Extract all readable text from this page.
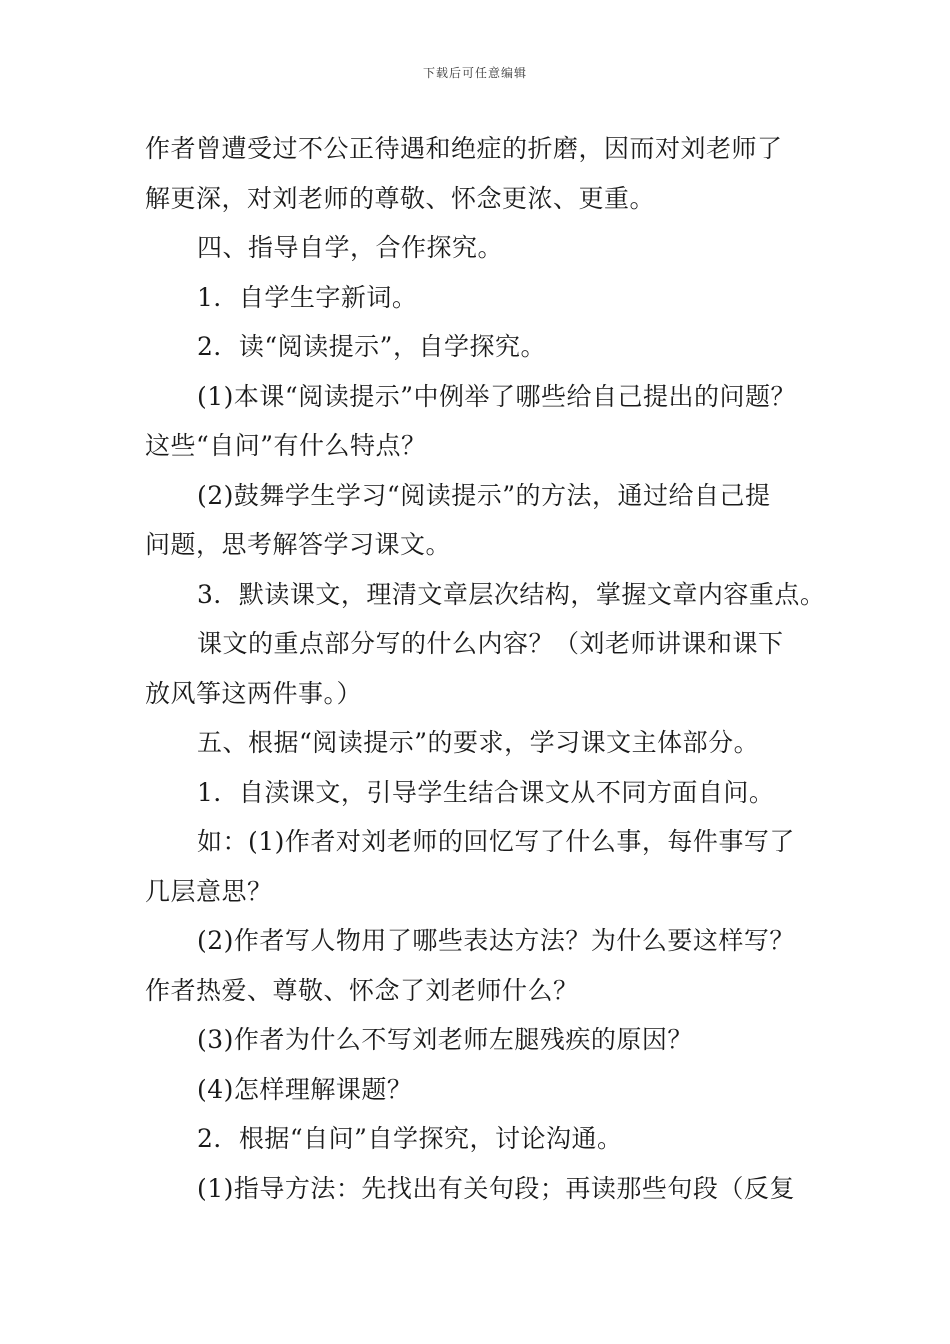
下载后可任意编辑
作者曾遭受过不公正待遇和绝症的折磨，因而对刘老师了
解更深，对刘老师的尊敬、怀念更浓、更重。
四、指导自学，合作探究。
1．自学生字新词。
2．读“阅读提示”，自学探究。
(1)本课“阅读提示”中例举了哪些给自己提出的问题？
这些“自问”有什么特点？
(2)鼓舞学生学习“阅读提示”的方法，通过给自己提
问题，思考解答学习课文。
3．默读课文，理清文章层次结构，掌握文章内容重点。
课文的重点部分写的什么内容？（刘老师讲课和课下
放风筝这两件事。）
五、根据“阅读提示”的要求，学习课文主体部分。
1．自渎课文，引导学生结合课文从不同方面自问。
如：(1)作者对刘老师的回忆写了什么事，每件事写了
几层意思？
(2)作者写人物用了哪些表达方法？为什么要这样写？
作者热爱、尊敬、怀念了刘老师什么？
(3)作者为什么不写刘老师左腿残疾的原因？
(4)怎样理解课题？
2．根据“自问”自学探究，讨论沟通。
(1)指导方法：先找出有关句段；再读那些句段（反复
